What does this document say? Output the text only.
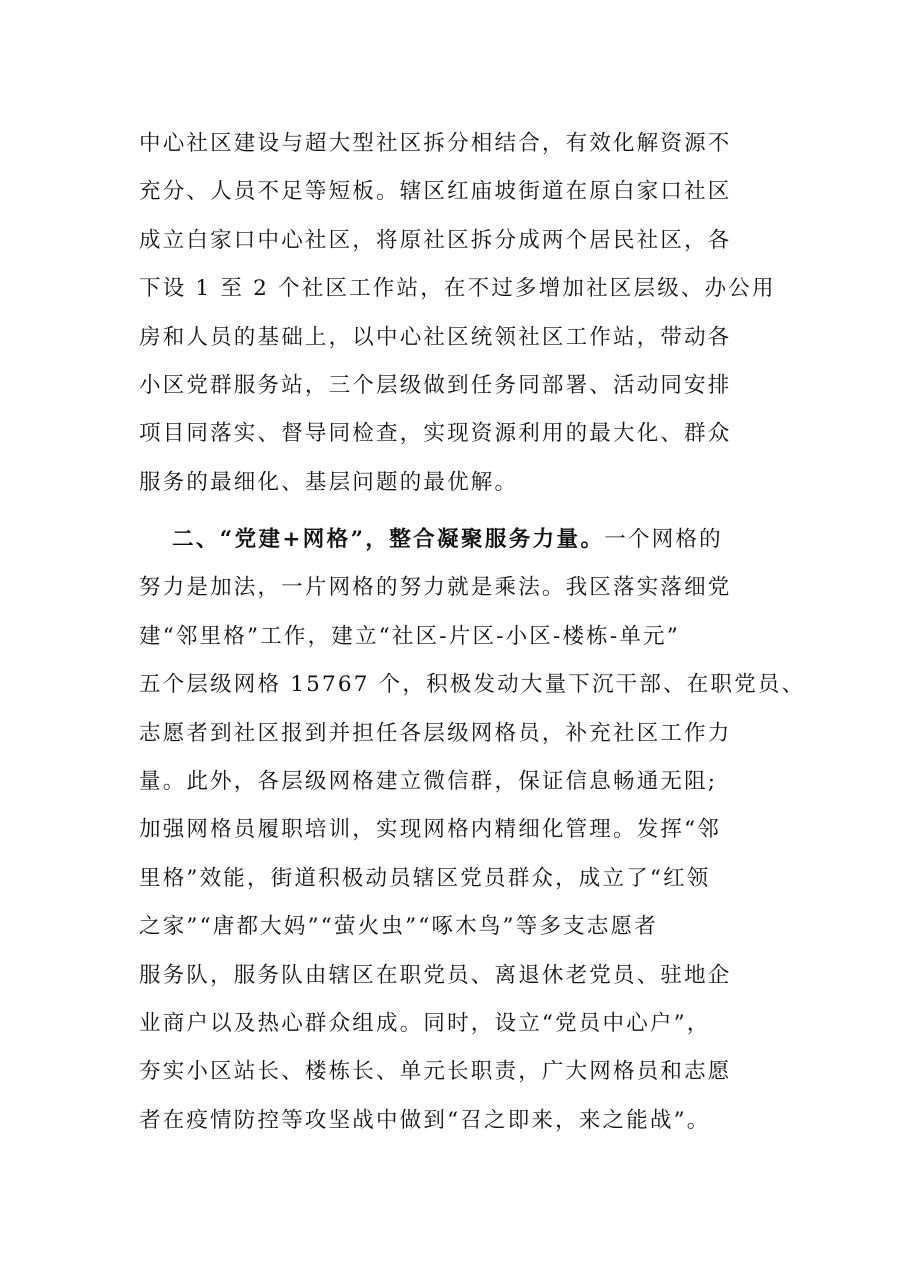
中心社区建设与超大型社区拆分相结合，有效化解资源不
充分、人员不足等短板。辖区红庙坡街道在原白家口社区
成立白家口中心社区，将原社区拆分成两个居民社区，各
下设 1 至 2 个社区工作站，在不过多增加社区层级、办公用
房和人员的基础上，以中心社区统领社区工作站，带动各
小区党群服务站，三个层级做到任务同部署、活动同安排
项目同落实、督导同检查，实现资源利用的最大化、群众
服务的最细化、基层问题的最优解。
二、“党建+网格”，整合凝聚服务力量。一个网格的
努力是加法，一片网格的努力就是乘法。我区落实落细党
建“邻里格”工作，建立“社区-片区-小区-楼栋-单元”
五个层级网格 15767 个，积极发动大量下沉干部、在职党员、
志愿者到社区报到并担任各层级网格员，补充社区工作力
量。此外，各层级网格建立微信群，保证信息畅通无阻;
加强网格员履职培训，实现网格内精细化管理。发挥“邻
里格”效能，街道积极动员辖区党员群众，成立了“红领
之家”“唐都大妈”“萤火虫”“啄木鸟”等多支志愿者
服务队，服务队由辖区在职党员、离退休老党员、驻地企
业商户以及热心群众组成。同时，设立“党员中心户”，
夯实小区站长、楼栋长、单元长职责，广大网格员和志愿
者在疫情防控等攻坚战中做到“召之即来，来之能战”。
